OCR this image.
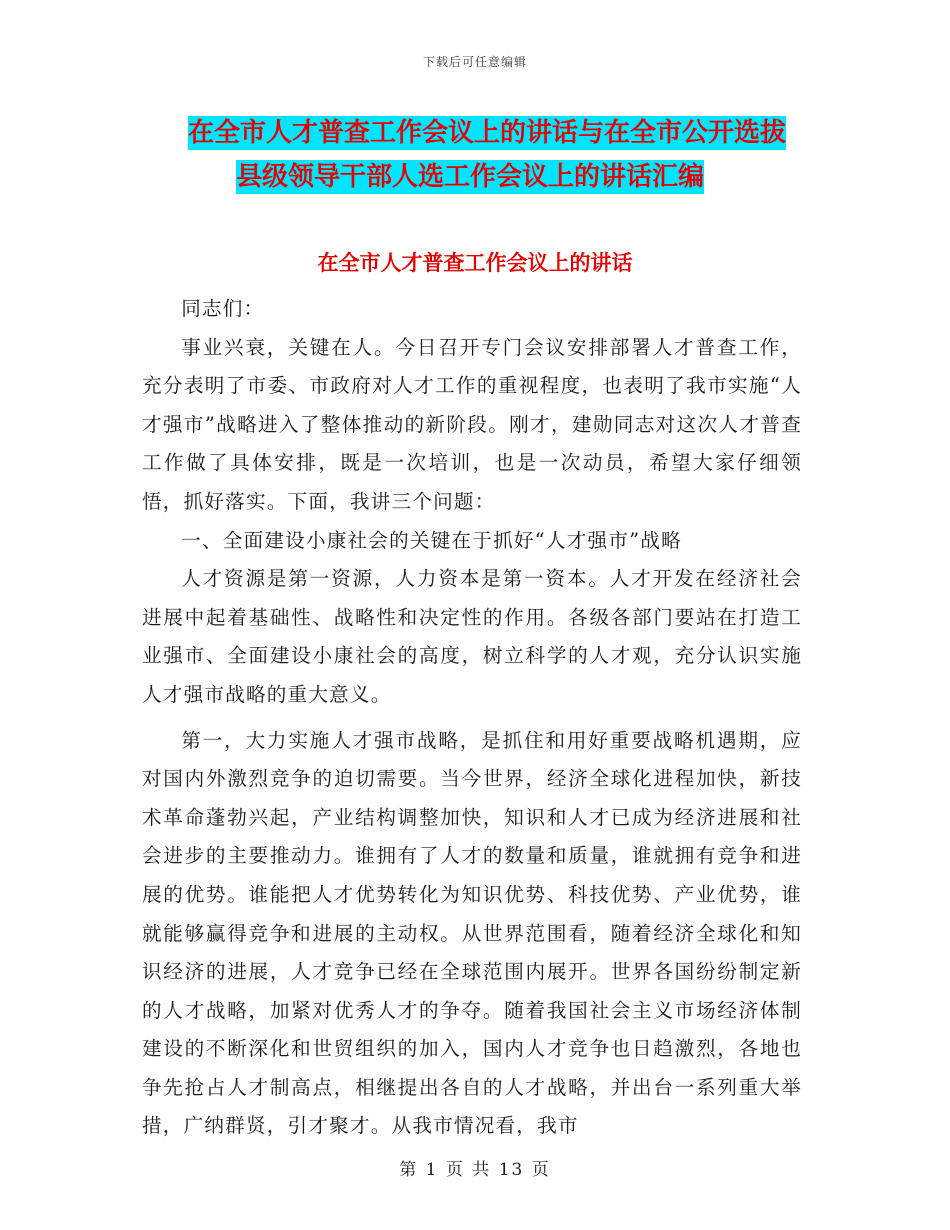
下载后可任意编辑
在全市人才普查工作会议上的讲话与在全市公开选拔
县级领导干部人选工作会议上的讲话汇编
在全市人才普查工作会议上的讲话

同志们：

事业兴衰，关键在人。今日召开专门会议安排部署人才普查工作，充分表明了市委、市政府对人才工作的重视程度，也表明了我市实施“人才强市”战略进入了整体推动的新阶段。刚才，建勋同志对这次人才普查工作做了具体安排，既是一次培训，也是一次动员，希望大家仔细领悟，抓好落实。下面，我讲三个问题：

一、全面建设小康社会的关键在于抓好“人才强市”战略

人才资源是第一资源，人力资本是第一资本。人才开发在经济社会进展中起着基础性、战略性和决定性的作用。各级各部门要站在打造工业强市、全面建设小康社会的高度，树立科学的人才观，充分认识实施人才强市战略的重大意义。

第一，大力实施人才强市战略，是抓住和用好重要战略机遇期，应对国内外激烈竞争的迫切需要。当今世界，经济全球化进程加快，新技术革命蓬勃兴起，产业结构调整加快，知识和人才已成为经济进展和社会进步的主要推动力。谁拥有了人才的数量和质量，谁就拥有竞争和进展的优势。谁能把人才优势转化为知识优势、科技优势、产业优势，谁就能够赢得竞争和进展的主动权。从世界范围看，随着经济全球化和知识经济的进展，人才竞争已经在全球范围内展开。世界各国纷纷制定新的人才战略，加紧对优秀人才的争夺。随着我国社会主义市场经济体制建设的不断深化和世贸组织的加入，国内人才竞争也日趋激烈，各地也争先抢占人才制高点，相继提出各自的人才战略，并出台一系列重大举措，广纳群贤，引才聚才。从我市情况看，我市

第 1 页 共 13 页
